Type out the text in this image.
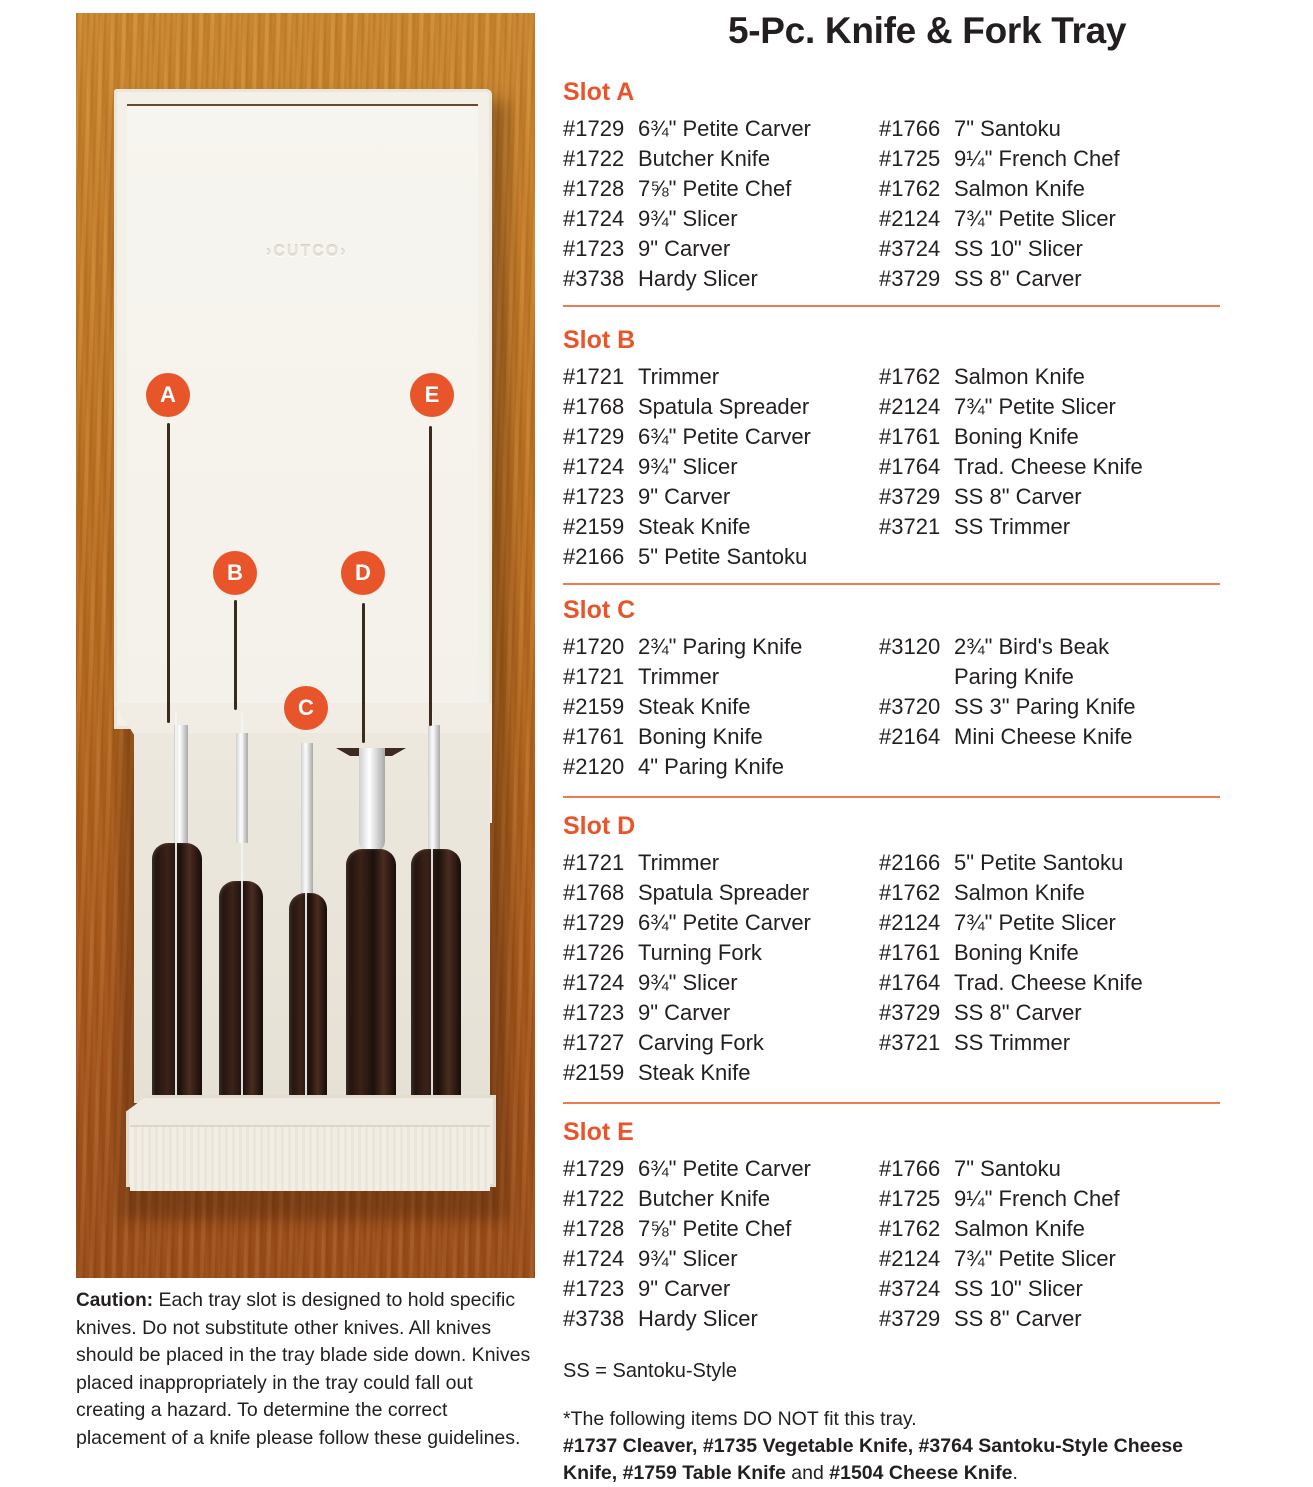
›CUTCO›
A	E
B	D
C
Caution: Each tray slot is designed to hold specific knives. Do not substitute other knives. All knives should be placed in the tray blade side down. Knives placed inappropriately in the tray could fall out creating a hazard. To determine the correct placement of a knife please follow these guidelines.
5-Pc. Knife & Fork Tray
Slot A
#1729 6¾" Petite Carver
#1722 Butcher Knife
#1728 7⅝" Petite Chef
#1724 9¾" Slicer
#1723 9" Carver
#3738 Hardy Slicer
#1766 7" Santoku
#1725 9¼" French Chef
#1762 Salmon Knife
#2124 7¾" Petite Slicer
#3724 SS 10" Slicer
#3729 SS 8" Carver
Slot B
#1721 Trimmer
#1768 Spatula Spreader
#1729 6¾" Petite Carver
#1724 9¾" Slicer
#1723 9" Carver
#2159 Steak Knife
#2166 5" Petite Santoku
#1762 Salmon Knife
#2124 7¾" Petite Slicer
#1761 Boning Knife
#1764 Trad. Cheese Knife
#3729 SS 8" Carver
#3721 SS Trimmer
Slot C
#1720 2¾" Paring Knife
#1721 Trimmer
#2159 Steak Knife
#1761 Boning Knife
#2120 4" Paring Knife
#3120 2¾" Bird's Beak
Paring Knife
#3720 SS 3" Paring Knife
#2164 Mini Cheese Knife
Slot D
#1721 Trimmer
#1768 Spatula Spreader
#1729 6¾" Petite Carver
#1726 Turning Fork
#1724 9¾" Slicer
#1723 9" Carver
#1727 Carving Fork
#2159 Steak Knife
#2166 5" Petite Santoku
#1762 Salmon Knife
#2124 7¾" Petite Slicer
#1761 Boning Knife
#1764 Trad. Cheese Knife
#3729 SS 8" Carver
#3721 SS Trimmer
Slot E
#1729 6¾" Petite Carver
#1722 Butcher Knife
#1728 7⅝" Petite Chef
#1724 9¾" Slicer
#1723 9" Carver
#3738 Hardy Slicer
#1766 7" Santoku
#1725 9¼" French Chef
#1762 Salmon Knife
#2124 7¾" Petite Slicer
#3724 SS 10" Slicer
#3729 SS 8" Carver
SS = Santoku-Style
*The following items DO NOT fit this tray.
#1737 Cleaver, #1735 Vegetable Knife, #3764 Santoku-Style Cheese Knife, #1759 Table Knife and #1504 Cheese Knife.
